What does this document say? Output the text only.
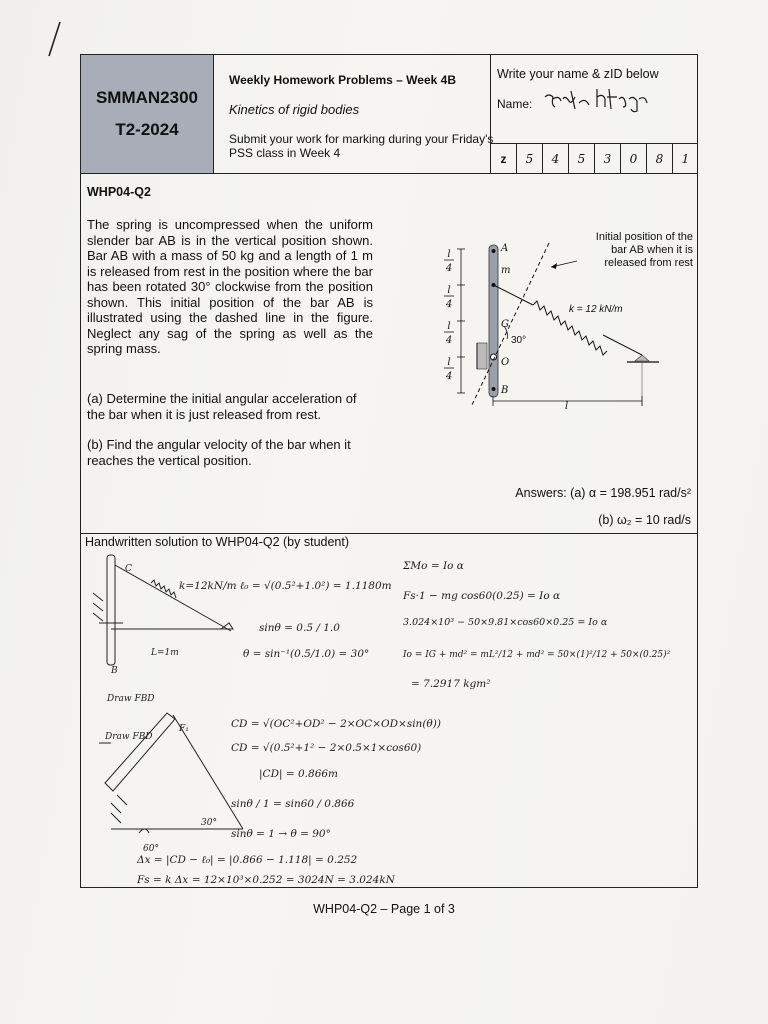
SMMAN2300
T2-2024
Weekly Homework Problems – Week 4B
Kinetics of rigid bodies
Submit your work for marking during your Friday's PSS class in Week 4
Write your name & zID below
Name:
z	5	4	5	3	0	8	1
WHP04-Q2
The spring is uncompressed when the uniform slender bar AB is in the vertical position shown. Bar AB with a mass of 50 kg and a length of 1 m is released from rest in the position where the bar has been rotated 30° clockwise from the position shown. This initial position of the bar AB is illustrated using the dashed line in the figure. Neglect any sag of the spring as well as the spring mass.
(a) Determine the initial angular acceleration of the bar when it is just released from rest.
(b) Find the angular velocity of the bar when it reaches the vertical position.
l
4
l
4
l
4
l
4
A
m
G
O
B
l
30°
k = 12 kN/m
Initial position of the bar AB when it is released from rest
Answers: (a) α = 198.951 rad/s²
(b) ω₂ = 10 rad/s
Handwritten solution to WHP04-Q2 (by student)
C
B
L=1m
Draw FBD
F₁
60°
30°
k=12kN/m ℓ₀ = √(0.5²+1.0²) = 1.1180m
sinθ = 0.5 / 1.0
θ = sin⁻¹(0.5/1.0) = 30°
Draw FBD
CD = √(OC²+OD² − 2×OC×OD×sin(θ))
CD = √(0.5²+1² − 2×0.5×1×cos60)
|CD| = 0.866m
sinθ / 1 = sin60 / 0.866
sinθ = 1 → θ = 90°
Δx = |CD − ℓ₀| = |0.866 − 1.118| = 0.252
Fs = k Δx = 12×10³×0.252 = 3024N = 3.024kN
ΣMo = Io α
Fs·1 − mg cos60(0.25) = Io α
3.024×10³ − 50×9.81×cos60×0.25 = Io α
Io = IG + md² = mL²/12 + md² = 50×(1)²/12 + 50×(0.25)²
= 7.2917 kgm²
WHP04-Q2 – Page 1 of 3
